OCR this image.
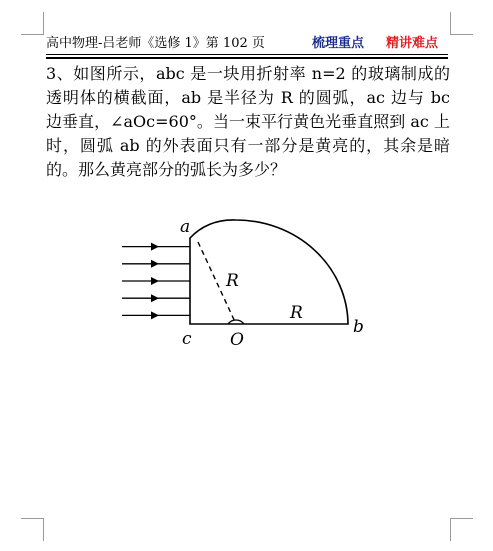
高中物理-吕老师《选修 1》第 102 页	梳理重点 精讲难点
3、如图所示，abc 是一块用折射率 n=2 的玻璃制成的透明体的横截面，ab 是半径为 R 的圆弧，ac 边与 bc 边垂直，∠aOc=60°。当一束平行黄色光垂直照到 ac 上时，圆弧 ab 的外表面只有一部分是黄亮的，其余是暗的。那么黄亮部分的弧长为多少？
a
b
c O
R
R
